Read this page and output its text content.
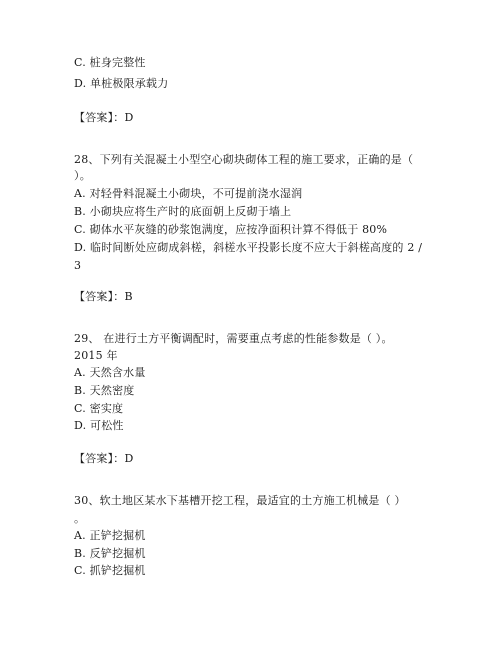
C. 桩身完整性
D. 单桩极限承载力
【答案】：D
28、下列有关混凝土小型空心砌块砌体工程的施工要求，正确的是（
）。
A. 对轻骨料混凝土小砌块，不可提前浇水湿润
B. 小砌块应将生产时的底面朝上反砌于墙上
C. 砌体水平灰缝的砂浆饱满度，应按净面积计算不得低于 80%
D. 临时间断处应砌成斜槎，斜槎水平投影长度不应大于斜槎高度的 2 /
3
【答案】：B
29、 在进行土方平衡调配时，需要重点考虑的性能参数是（ ）。
2015 年
A. 天然含水量
B. 天然密度
C. 密实度
D. 可松性
【答案】：D
30、软土地区某水下基槽开挖工程，最适宜的土方施工机械是（ ）
。
A. 正铲挖掘机
B. 反铲挖掘机
C. 抓铲挖掘机
